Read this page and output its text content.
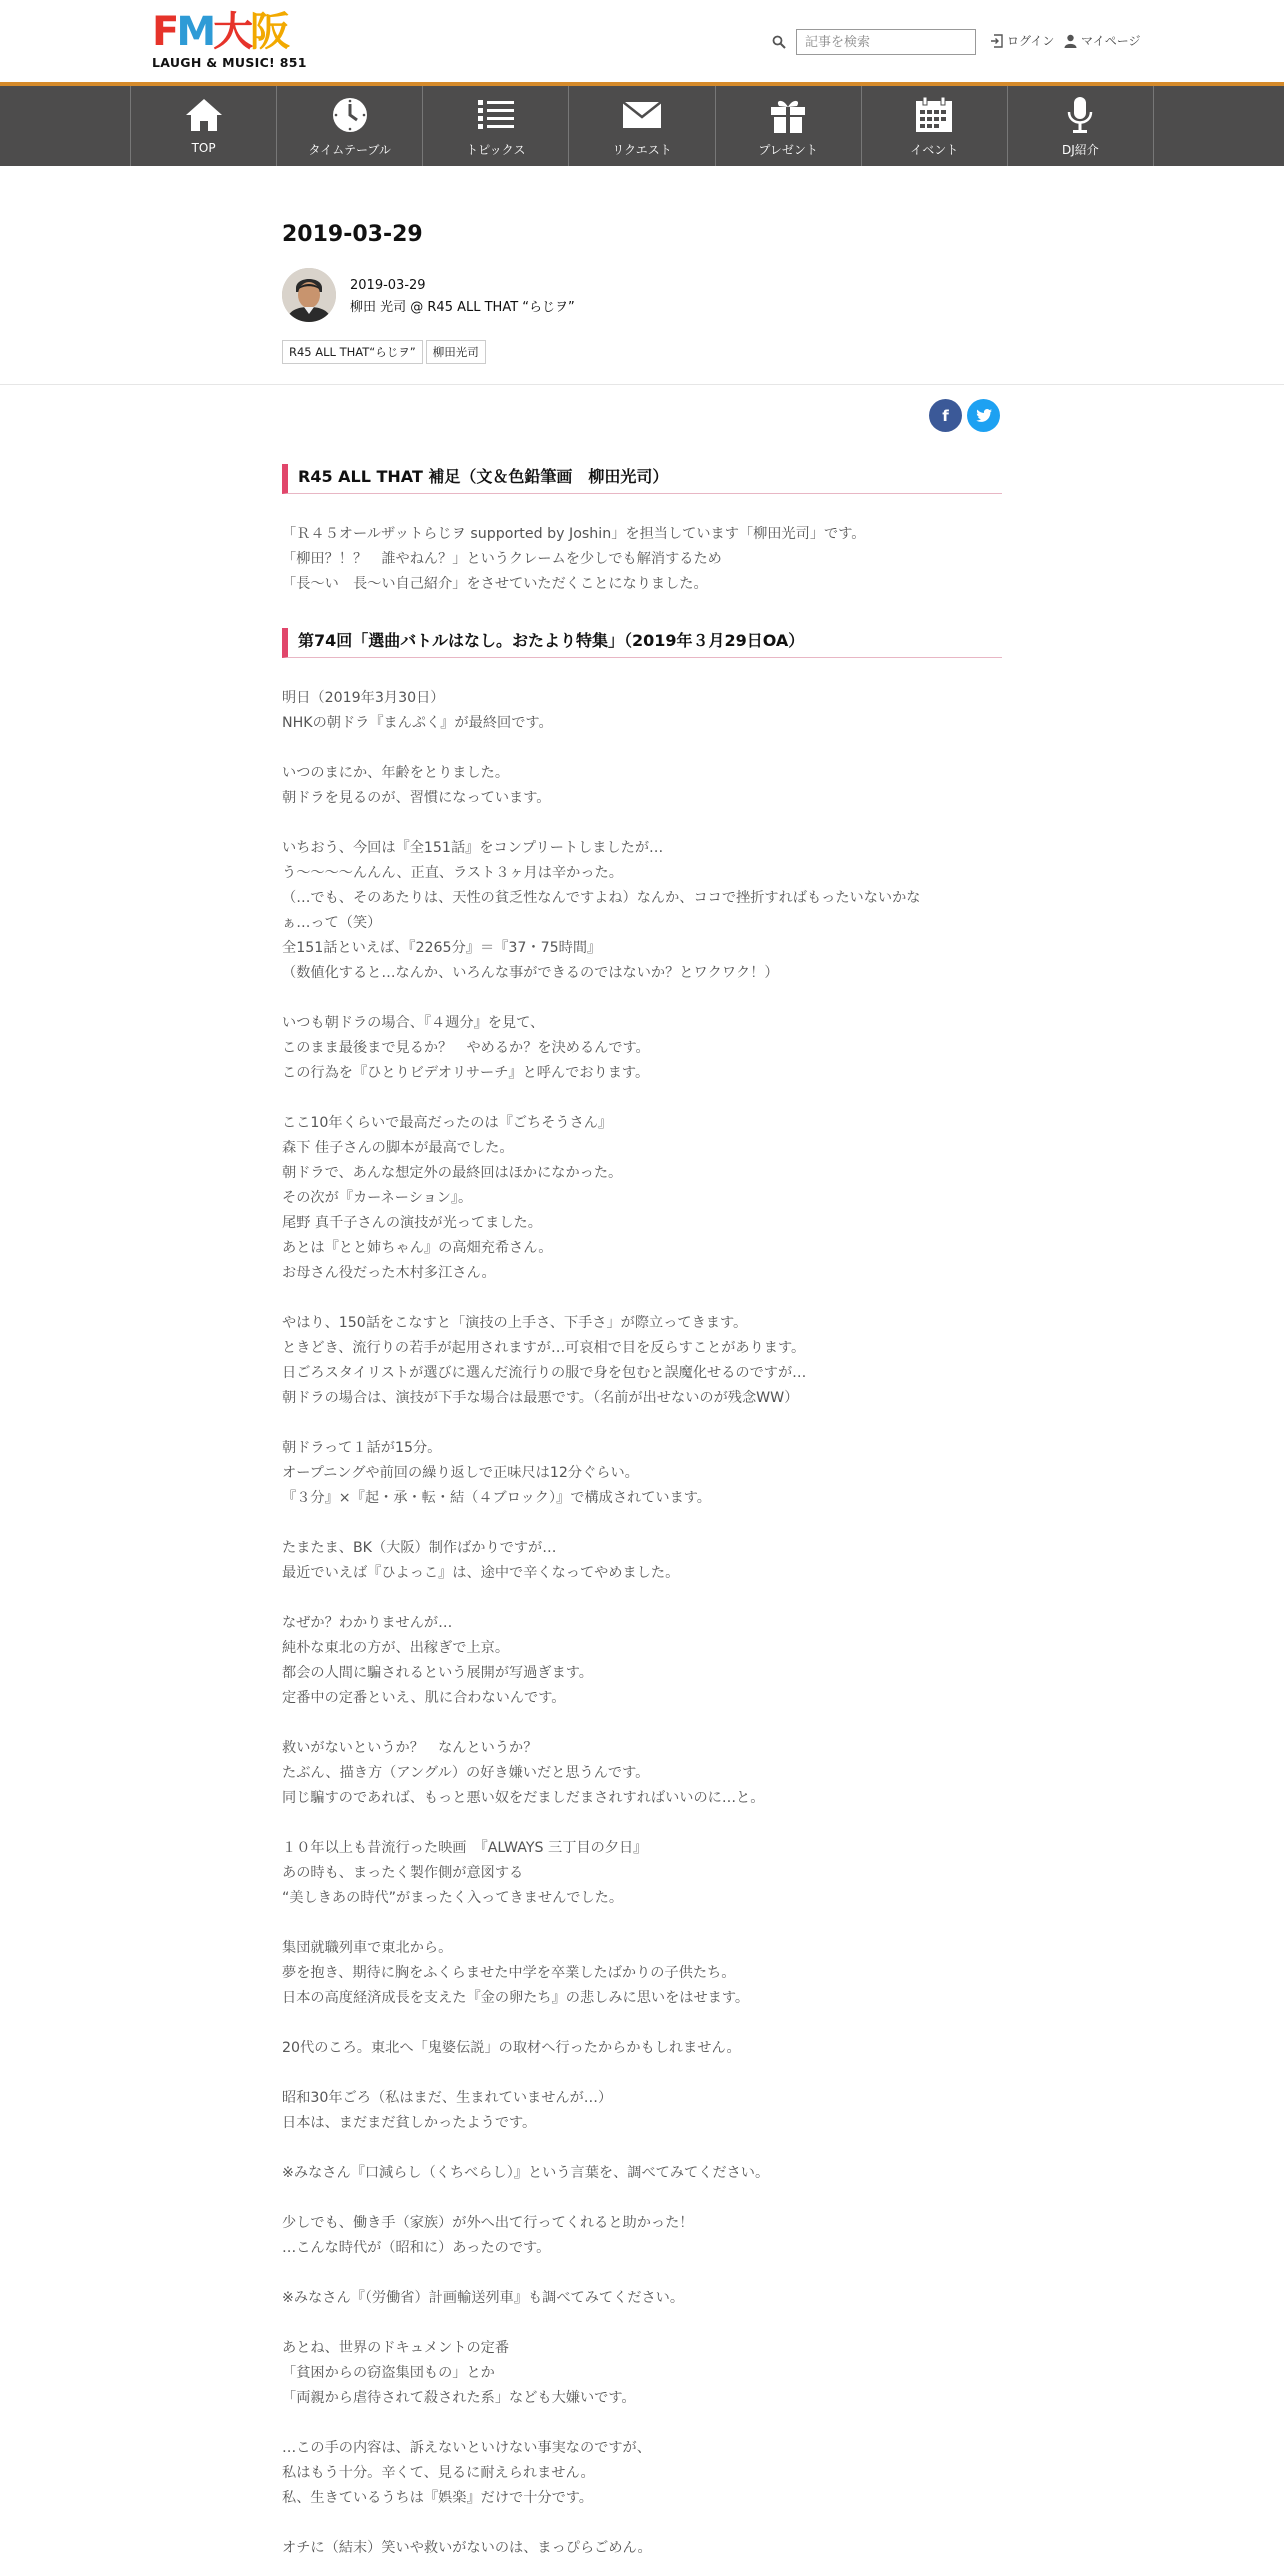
F M 大 阪
LAUGH & MUSIC! 851
記事を検索
ログイン マイページ
TOP	タイムテーブル	トピックス	リクエスト	プレゼント	イベント	DJ紹介
2019-03-29
2019-03-29
柳田 光司 @ R45 ALL THAT “らじヲ”
R45 ALL THAT“らじヲ”	柳田光司
f
R45 ALL THAT 補足（文＆色鉛筆画　柳田光司）

「Ｒ４５オールザットらじヲ supported by Joshin」を担当しています「柳田光司」です。

「柳田？！？　誰やねん？」というクレームを少しでも解消するため

「長～い　長～い自己紹介」をさせていただくことになりました。

第74回「選曲バトルはなし。おたより特集」（2019年３月29日OA）

明日（2019年3月30日）

NHKの朝ドラ『まんぷく』が最終回です。

いつのまにか、年齢をとりました。

朝ドラを見るのが、習慣になっています。

いちおう、今回は『全151話』をコンプリートしましたが…

う～～～～んんん、正直、ラスト３ヶ月は辛かった。

（…でも、そのあたりは、天性の貧乏性なんですよね）なんか、ココで挫折すればもったいないかな

ぁ…って（笑）

全151話といえば、『2265分』＝『37・75時間』

（数値化すると…なんか、いろんな事ができるのではないか？とワクワク！）

いつも朝ドラの場合、『４週分』を見て、

このまま最後まで見るか？　やめるか？を決めるんです。

この行為を『ひとりビデオリサーチ』と呼んでおります。

ここ10年くらいで最高だったのは『ごちそうさん』

森下 佳子さんの脚本が最高でした。

朝ドラで、あんな想定外の最終回はほかになかった。

その次が『カーネーション』。

尾野 真千子さんの演技が光ってました。

あとは『とと姉ちゃん』の高畑充希さん。

お母さん役だった木村多江さん。

やはり、150話をこなすと「演技の上手さ、下手さ」が際立ってきます。

ときどき、流行りの若手が起用されますが…可哀相で目を反らすことがあります。

日ごろスタイリストが選びに選んだ流行りの服で身を包むと誤魔化せるのですが…

朝ドラの場合は、演技が下手な場合は最悪です。（名前が出せないのが残念WW）

朝ドラって１話が15分。

オープニングや前回の繰り返しで正味尺は12分ぐらい。

『３分』×『起・承・転・結（４ブロック）』で構成されています。

たまたま、BK（大阪）制作ばかりですが…

最近でいえば『ひよっこ』は、途中で辛くなってやめました。

なぜか？わかりませんが…

純朴な東北の方が、出稼ぎで上京。

都会の人間に騙されるという展開が写過ぎます。

定番中の定番といえ、肌に合わないんです。

救いがないというか？　なんというか？

たぶん、描き方（アングル）の好き嫌いだと思うんです。

同じ騙すのであれば、もっと悪い奴をだましだまされすればいいのに…と。

１０年以上も昔流行った映画　『ALWAYS 三丁目の夕日』

あの時も、まったく製作側が意図する

“美しきあの時代”がまったく入ってきませんでした。

集団就職列車で東北から。

夢を抱き、期待に胸をふくらませた中学を卒業したばかりの子供たち。

日本の高度経済成長を支えた『金の卵たち』の悲しみに思いをはせます。

20代のころ。東北へ「鬼婆伝説」の取材へ行ったからかもしれません。

昭和30年ごろ（私はまだ、生まれていませんが…）

日本は、まだまだ貧しかったようです。

※みなさん『口減らし（くちべらし）』という言葉を、調べてみてください。

少しでも、働き手（家族）が外へ出て行ってくれると助かった！

…こんな時代が（昭和に）あったのです。

※みなさん『（労働省）計画輸送列車』も調べてみてください。

あとね、世界のドキュメントの定番

「貧困からの窃盗集団もの」とか

「両親から虐待されて殺された系」なども大嫌いです。

…この手の内容は、訴えないといけない事実なのですが、

私はもう十分。辛くて、見るに耐えられません。

私、生きているうちは『娯楽』だけで十分です。

オチに（結末）笑いや救いがないのは、まっぴらごめん。
